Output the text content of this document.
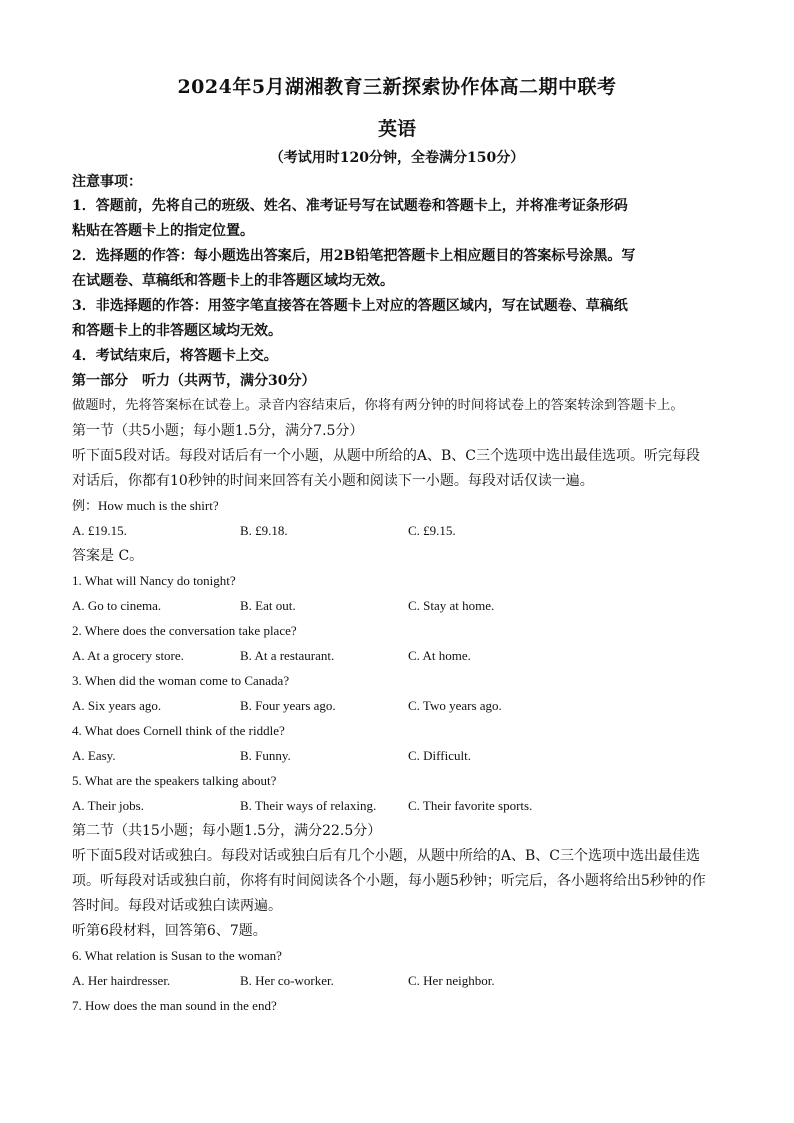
2024年5月湖湘教育三新探索协作体高二期中联考
英语
（考试用时120分钟，全卷满分150分）
注意事项：
1．答题前，先将自己的班级、姓名、准考证号写在试题卷和答题卡上，并将准考证条形码
粘贴在答题卡上的指定位置。
2．选择题的作答：每小题选出答案后，用2B铅笔把答题卡上相应题目的答案标号涂黑。写
在试题卷、草稿纸和答题卡上的非答题区域均无效。
3．非选择题的作答：用签字笔直接答在答题卡上对应的答题区域内，写在试题卷、草稿纸
和答题卡上的非答题区域均无效。
4．考试结束后，将答题卡上交。
第一部分　听力（共两节，满分30分）
做题时，先将答案标在试卷上。录音内容结束后，你将有两分钟的时间将试卷上的答案转涂到答题卡上。
第一节（共5小题；每小题1.5分，满分7.5分）
听下面5段对话。每段对话后有一个小题，从题中所给的A、B、C三个选项中选出最佳选项。听完每段
对话后，你都有10秒钟的时间来回答有关小题和阅读下一小题。每段对话仅读一遍。
例：How much is the shirt?
A. £19.15.	B. £9.18.	C. £9.15.
答案是 C。
1. What will Nancy do tonight?
A. Go to cinema.	B. Eat out.	C. Stay at home.
2. Where does the conversation take place?
A. At a grocery store.	B. At a restaurant.	C. At home.
3. When did the woman come to Canada?
A. Six years ago.	B. Four years ago.	C. Two years ago.
4. What does Cornell think of the riddle?
A. Easy.	B. Funny.	C. Difficult.
5. What are the speakers talking about?
A. Their jobs.	B. Their ways of relaxing. C. Their favorite sports.
第二节（共15小题；每小题1.5分，满分22.5分）
听下面5段对话或独白。每段对话或独白后有几个小题，从题中所给的A、B、C三个选项中选出最佳选
项。听每段对话或独白前，你将有时间阅读各个小题，每小题5秒钟；听完后，各小题将给出5秒钟的作
答时间。每段对话或独白读两遍。
听第6段材料，回答第6、7题。
6. What relation is Susan to the woman?
A. Her hairdresser.	B. Her co-worker.	C. Her neighbor.
7. How does the man sound in the end?
